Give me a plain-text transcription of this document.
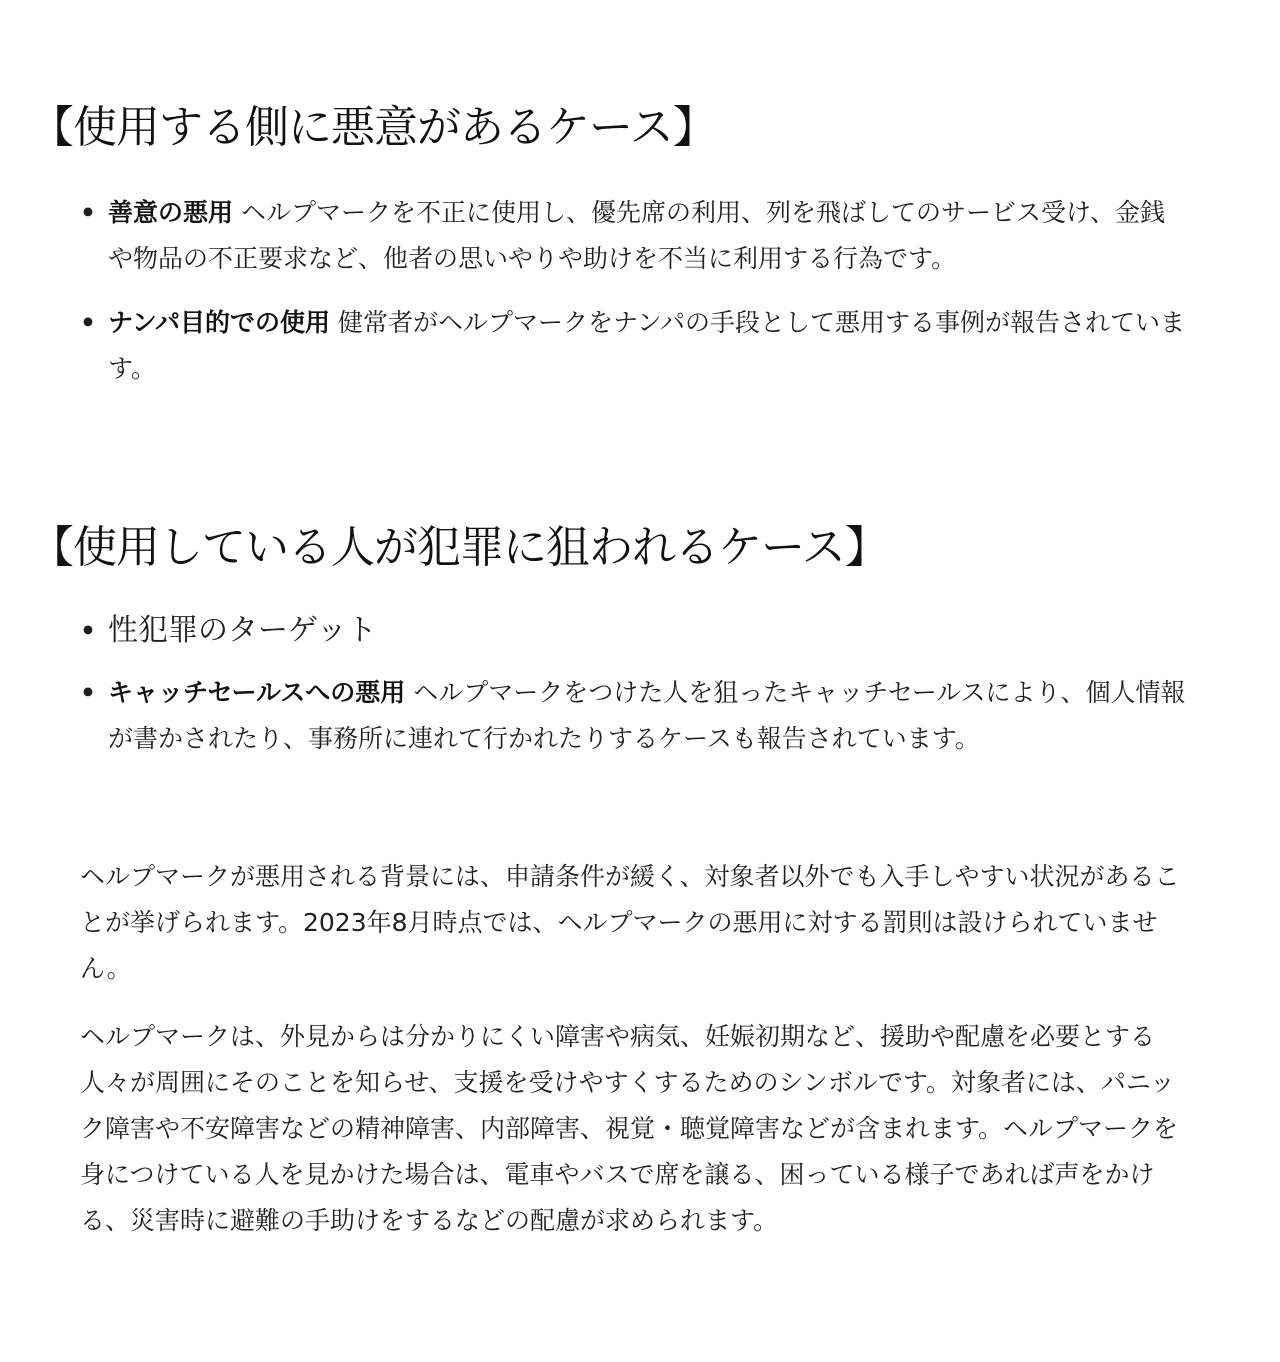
【使用する側に悪意があるケース】
• 善意の悪用 ヘルプマークを不正に使用し、優先席の利用、列を飛ばしてのサービス受け、金銭や物品の不正要求など、他者の思いやりや助けを不当に利用する行為です。
• ナンパ目的での使用 健常者がヘルプマークをナンパの手段として悪用する事例が報告されています。
【使用している人が犯罪に狙われるケース】
• 性犯罪のターゲット
• キャッチセールスへの悪用 ヘルプマークをつけた人を狙ったキャッチセールスにより、個人情報が書かされたり、事務所に連れて行かれたりするケースも報告されています。

ヘルプマークが悪用される背景には、申請条件が緩く、対象者以外でも入手しやすい状況があることが挙げられます。2023年8月時点では、ヘルプマークの悪用に対する罰則は設けられていません。

ヘルプマークは、外見からは分かりにくい障害や病気、妊娠初期など、援助や配慮を必要とする人々が周囲にそのことを知らせ、支援を受けやすくするためのシンボルです。対象者には、パニック障害や不安障害などの精神障害、内部障害、視覚・聴覚障害などが含まれます。ヘルプマークを身につけている人を見かけた場合は、電車やバスで席を譲る、困っている様子であれば声をかける、災害時に避難の手助けをするなどの配慮が求められます。
